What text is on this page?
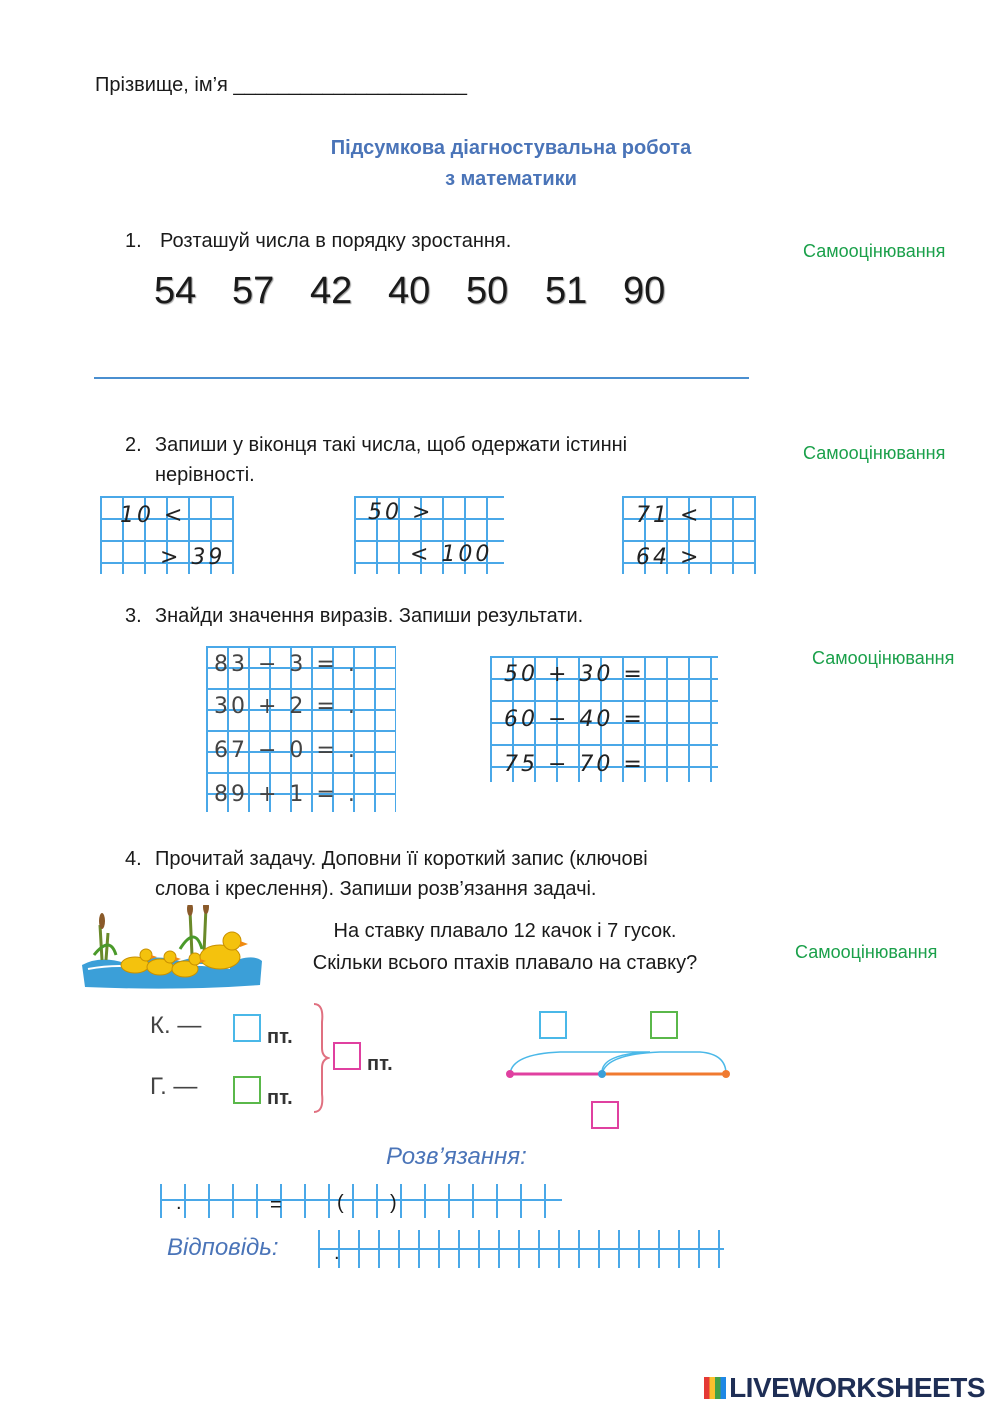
Прізвище, ім’я _____________________
Підсумкова діагностувальна робота
з математики
1. Розташуй числа в порядку зростання.	Самооцінювання
54 57 42 40 50 51 90
2. Запиши у віконця такі числа, щоб одержати істинні
нерівності.
Самооцінювання
10 <
> 39
50 >
< 100
71 <
64 >
3. Знайди значення виразів. Запиши результати.
Самооцінювання
83 − 3 = .
30 + 2 = .
67 − 0 = .
89 + 1 = .
50 + 30 =
60 − 40 =
75 − 70 =
4. Прочитай задачу. Доповни її короткий запис (ключові
слова і креслення). Запиши розв’язання задачі.
Самооцінювання
На ставку плавало 12 качок і 7 гусок.
Скільки всього птахів плавало на ставку?
К. —	пт.
Г. —	пт.
пт.
Розв’язання:
.	=	( )
Відповідь:	.
LIVEWORKSHEETS
